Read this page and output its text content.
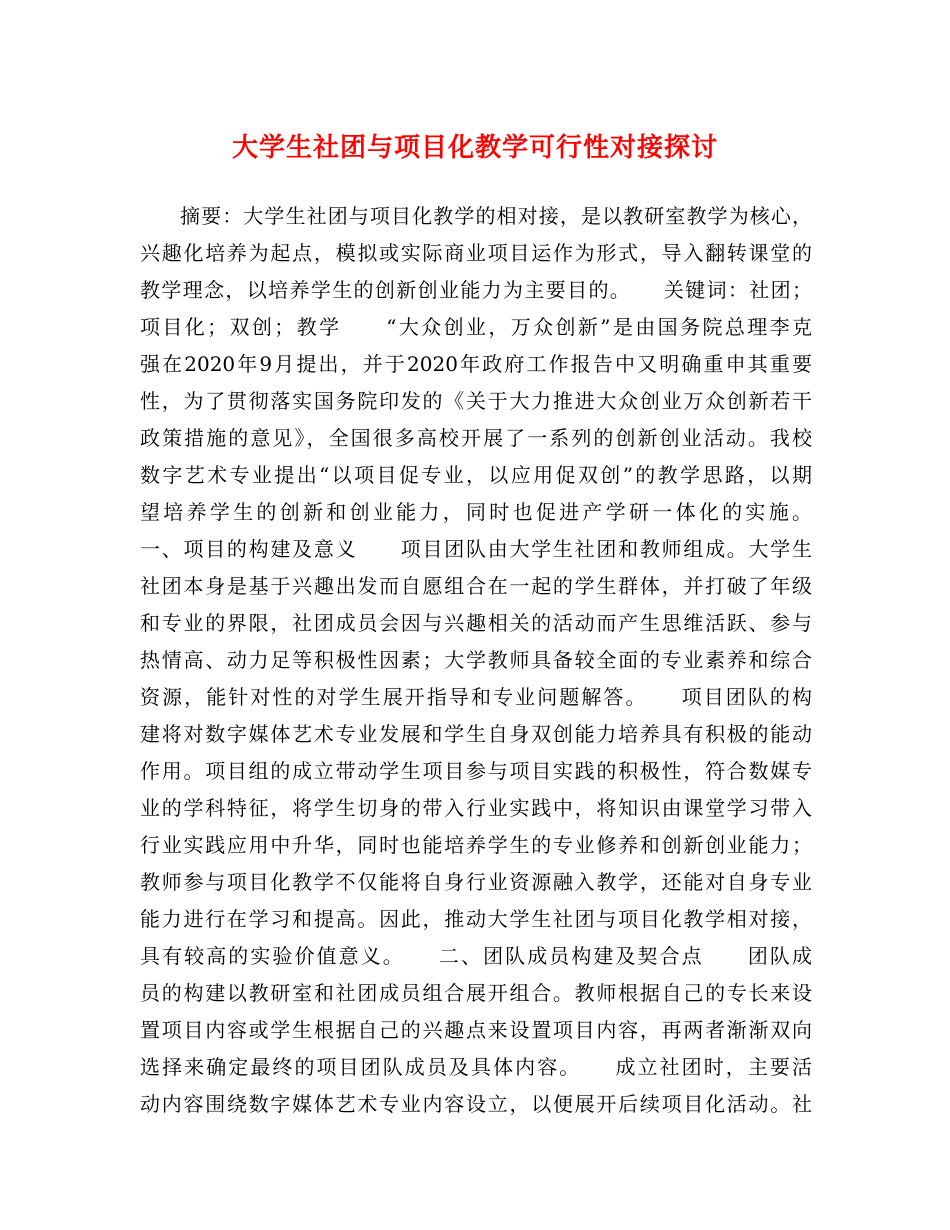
大学生社团与项目化教学可行性对接探讨
摘要：大学生社团与项目化教学的相对接，是以教研室教学为核心，
兴趣化培养为起点，模拟或实际商业项目运作为形式，导入翻转课堂的
教学理念，以培养学生的创新创业能力为主要目的。　　关键词：社团；
项目化；双创；教学　　“大众创业，万众创新”是由国务院总理李克
强在2020年9月提出，并于2020年政府工作报告中又明确重申其重要
性，为了贯彻落实国务院印发的《关于大力推进大众创业万众创新若干
政策措施的意见》，全国很多高校开展了一系列的创新创业活动。我校
数字艺术专业提出“以项目促专业，以应用促双创”的教学思路，以期
望培养学生的创新和创业能力，同时也促进产学研一体化的实施。
一、项目的构建及意义　　项目团队由大学生社团和教师组成。大学生
社团本身是基于兴趣出发而自愿组合在一起的学生群体，并打破了年级
和专业的界限，社团成员会因与兴趣相关的活动而产生思维活跃、参与
热情高、动力足等积极性因素；大学教师具备较全面的专业素养和综合
资源，能针对性的对学生展开指导和专业问题解答。　　项目团队的构
建将对数字媒体艺术专业发展和学生自身双创能力培养具有积极的能动
作用。项目组的成立带动学生项目参与项目实践的积极性，符合数媒专
业的学科特征，将学生切身的带入行业实践中，将知识由课堂学习带入
行业实践应用中升华，同时也能培养学生的专业修养和创新创业能力；
教师参与项目化教学不仅能将自身行业资源融入教学，还能对自身专业
能力进行在学习和提高。因此，推动大学生社团与项目化教学相对接，
具有较高的实验价值意义。　　二、团队成员构建及契合点　　团队成
员的构建以教研室和社团成员组合展开组合。教师根据自己的专长来设
置项目内容或学生根据自己的兴趣点来设置项目内容，再两者渐渐双向
选择来确定最终的项目团队成员及具体内容。　　成立社团时，主要活
动内容围绕数字媒体艺术专业内容设立，以便展开后续项目化活动。社
